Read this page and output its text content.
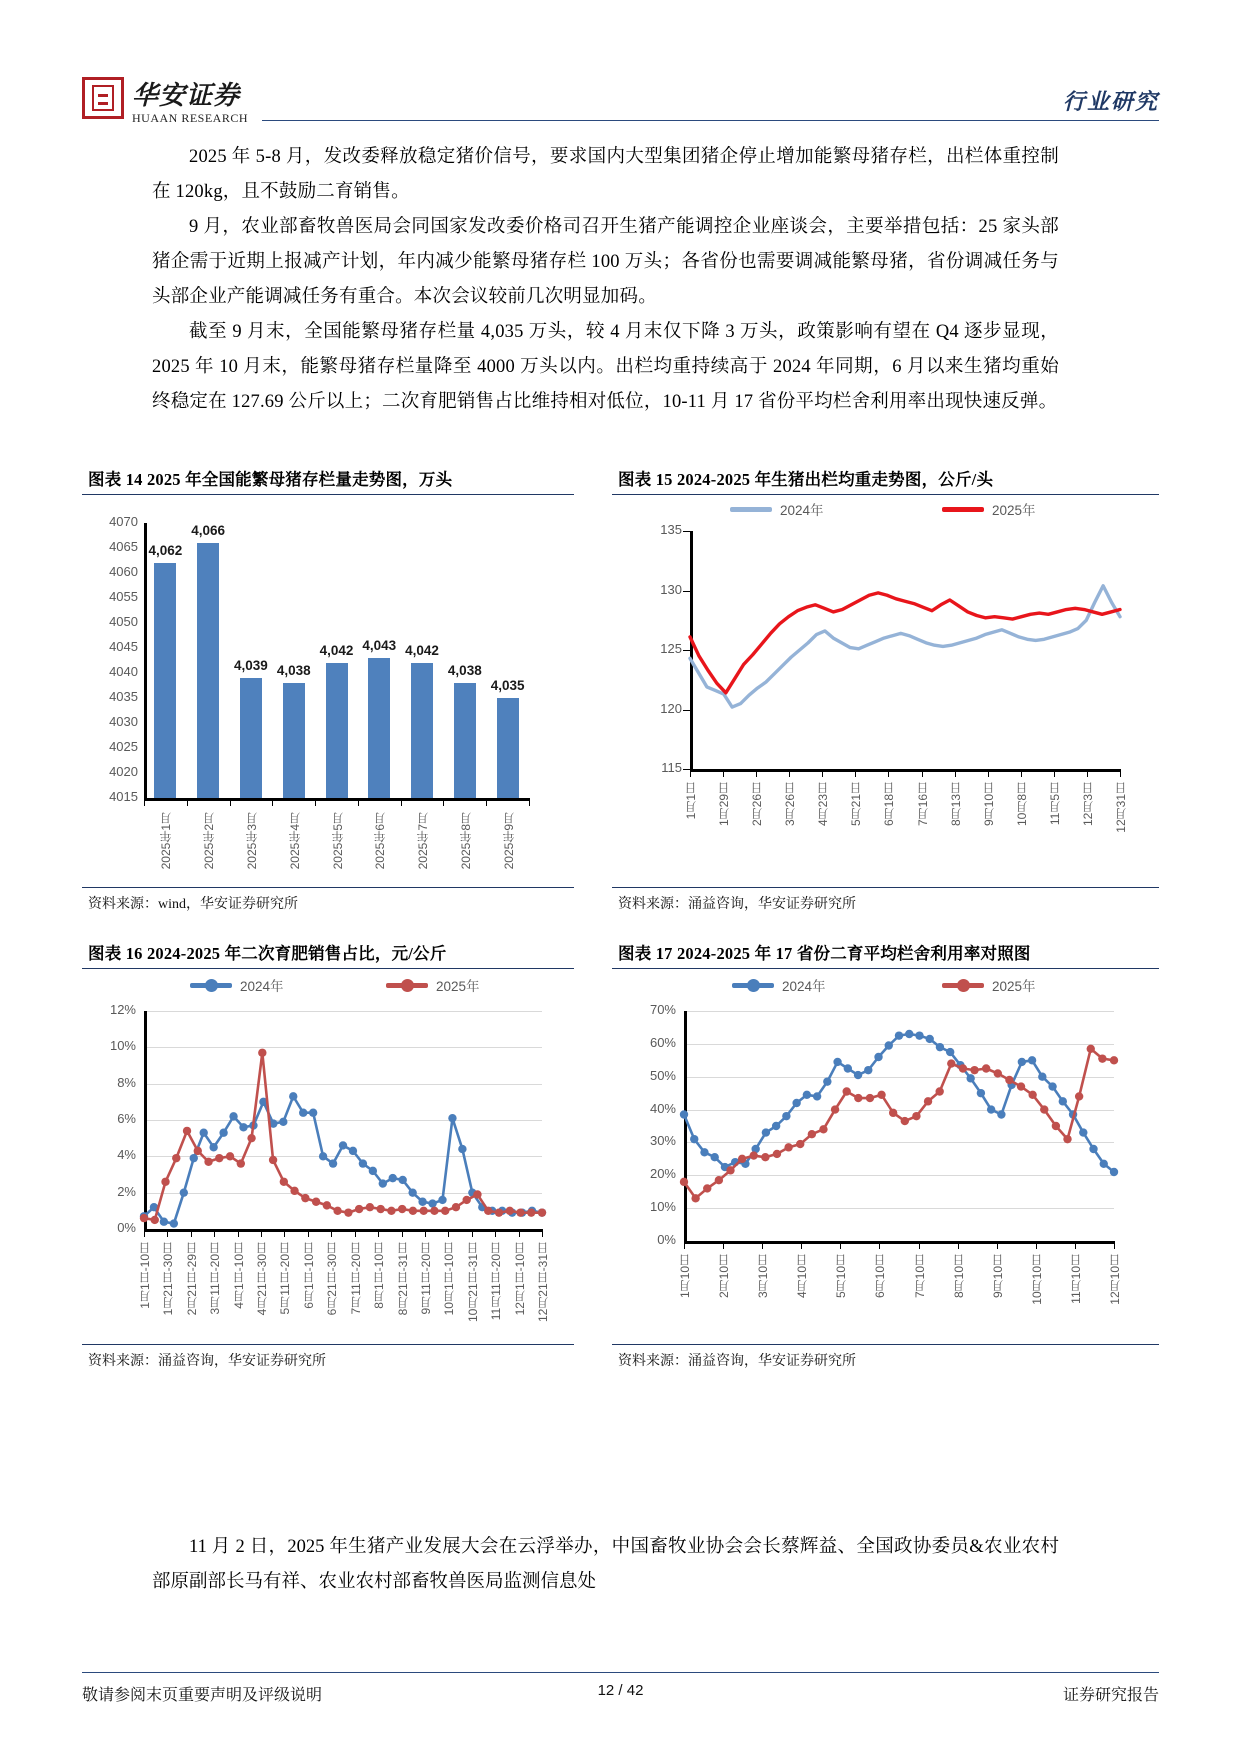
华安证券
HUAAN RESEARCH
行业研究

2025 年 5-8 月，发改委释放稳定猪价信号，要求国内大型集团猪企停止增加能繁母猪存栏，出栏体重控制在 120kg，且不鼓励二育销售。

9 月，农业部畜牧兽医局会同国家发改委价格司召开生猪产能调控企业座谈会，主要举措包括：25 家头部猪企需于近期上报减产计划，年内减少能繁母猪存栏 100 万头；各省份也需要调减能繁母猪，省份调减任务与头部企业产能调减任务有重合。本次会议较前几次明显加码。

截至 9 月末，全国能繁母猪存栏量 4,035 万头，较 4 月末仅下降 3 万头，政策影响有望在 Q4 逐步显现，2025 年 10 月末，能繁母猪存栏量降至 4000 万头以内。出栏均重持续高于 2024 年同期，6 月以来生猪均重始终稳定在 127.69 公斤以上；二次育肥销售占比维持相对低位，10-11 月 17 省份平均栏舍利用率出现快速反弹。

图表 14 2025 年全国能繁母猪存栏量走势图，万头
4015
4020
4025
4030
4035
4040
4045
4050
4055
4060
4065
4070
4,062
4,066
4,039 4,038
4,042 4,043 4,042
4,038
4,035
2025年1月 2025年2月 2025年3月 2025年4月 2025年5月 2025年6月 2025年7月 2025年8月 2025年9月
资料来源：wind，华安证券研究所
图表 15 2024-2025 年生猪出栏均重走势图，公斤/头
115
120
125
130
135
1月1日 1月29日 2月26日 3月26日 4月23日 5月21日 6月18日 7月16日 8月13日 9月10日 10月8日 11月5日 12月3日 12月31日
2024年	2025年
资料来源：涌益咨询，华安证券研究所
图表 16 2024-2025 年二次育肥销售占比，元/公斤
0%
2%
4%
6%
8%
10%
12%
1月1日-10日 1月21日-30日 2月21日-29日 3月11日-20日 4月1日-10日 4月21日-30日 5月11日-20日 6月1日-10日 6月21日-30日 7月11日-20日 8月1日-10日 8月21日-31日 9月11日-20日 10月1日-10日 10月21日-31日 11月11日-20日 12月1日-10日 12月21日-31日
2024年	2025年
资料来源：涌益咨询，华安证券研究所
图表 17 2024-2025 年 17 省份二育平均栏舍利用率对照图
0%
10%
20%
30%
40%
50%
60%
70%
1月10日 2月10日 3月10日 4月10日 5月10日 6月10日 7月10日 8月10日 9月10日 10月10日 11月10日 12月10日
2024年	2025年
资料来源：涌益咨询，华安证券研究所

11 月 2 日，2025 年生猪产业发展大会在云浮举办，中国畜牧业协会会长蔡辉益、全国政协委员&农业农村部原副部长马有祥、农业农村部畜牧兽医局监测信息处

敬请参阅末页重要声明及评级说明	12 / 42	证券研究报告
